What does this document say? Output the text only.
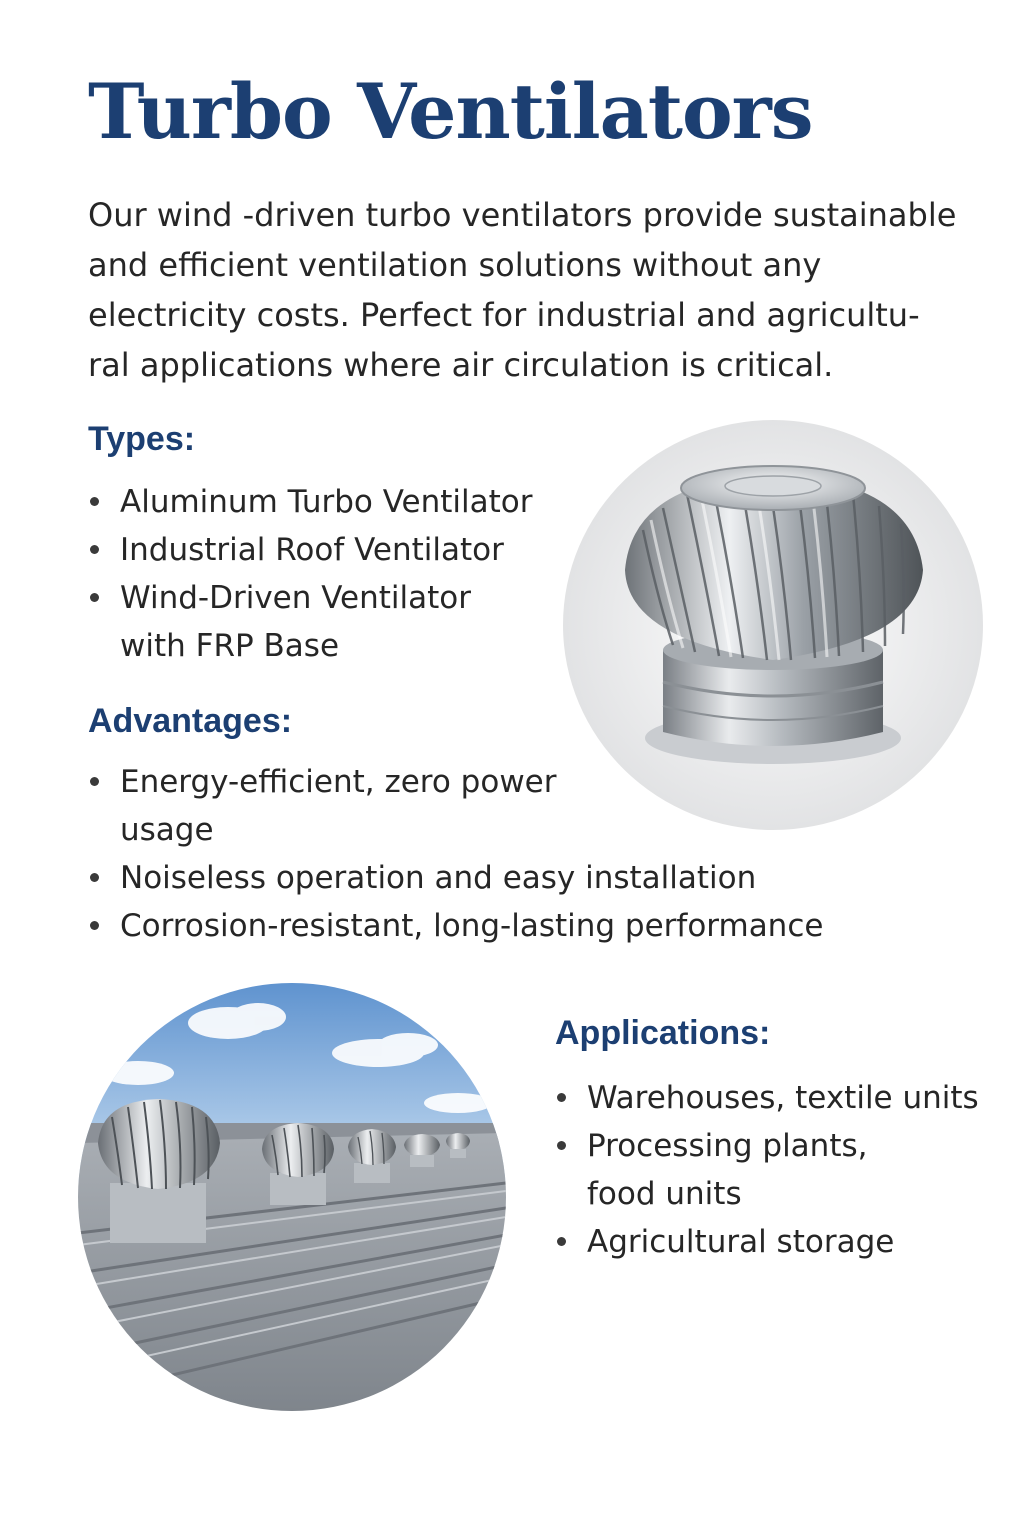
Turbo Ventilators

Our wind -driven turbo ventilators provide sustainable
and efficient ventilation solutions without any
electricity costs. Perfect for industrial and agricultu-
ral applications where air circulation is critical.

Types:
Aluminum Turbo Ventilator
Industrial Roof Ventilator
Wind-Driven Ventilator
with FRP Base
Advantages:
Energy-efficient, zero power
usage
Noiseless operation and easy installation
Corrosion-resistant, long-lasting performance
Applications:
Warehouses, textile units
Processing plants,
food units
Agricultural storage
